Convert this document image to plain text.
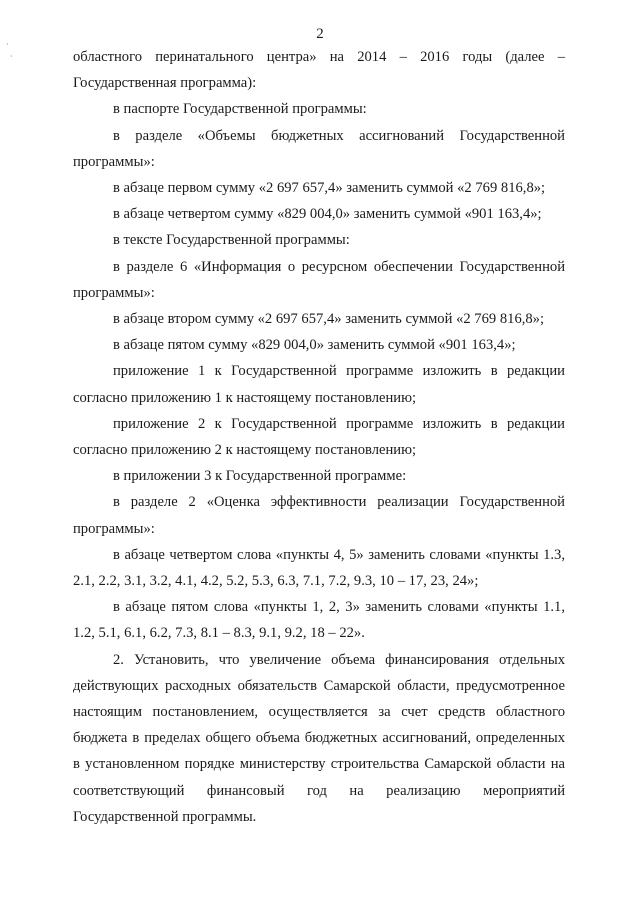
·
·
2

областного перинатального центра» на 2014 – 2016 годы (далее – Государственная программа):

в паспорте Государственной программы:

в разделе «Объемы бюджетных ассигнований Государственной программы»:

в абзаце первом сумму «2 697 657,4» заменить суммой «2 769 816,8»;

в абзаце четвертом сумму «829 004,0» заменить суммой «901 163,4»;

в тексте Государственной программы:

в разделе 6 «Информация о ресурсном обеспечении Государственной программы»:

в абзаце втором сумму «2 697 657,4» заменить суммой «2 769 816,8»;

в абзаце пятом сумму «829 004,0» заменить суммой «901 163,4»;

приложение 1 к Государственной программе изложить в редакции согласно приложению 1 к настоящему постановлению;

приложение 2 к Государственной программе изложить в редакции согласно приложению 2 к настоящему постановлению;

в приложении 3 к Государственной программе:

в разделе 2 «Оценка эффективности реализации Государственной программы»:

в абзаце четвертом слова «пункты 4, 5» заменить словами «пункты 1.3, 2.1, 2.2, 3.1, 3.2, 4.1, 4.2, 5.2, 5.3, 6.3, 7.1, 7.2, 9.3, 10 – 17, 23, 24»;

в абзаце пятом слова «пункты 1, 2, 3» заменить словами «пункты 1.1, 1.2, 5.1, 6.1, 6.2, 7.3, 8.1 – 8.3, 9.1, 9.2, 18 – 22».

2. Установить, что увеличение объема финансирования отдельных действующих расходных обязательств Самарской области, предусмотренное настоящим постановлением, осуществляется за счет средств областного бюджета в пределах общего объема бюджетных ассигнований, определенных в установленном порядке министерству строительства Самарской области на соответствующий финансовый год на реализацию мероприятий Государственной программы.
